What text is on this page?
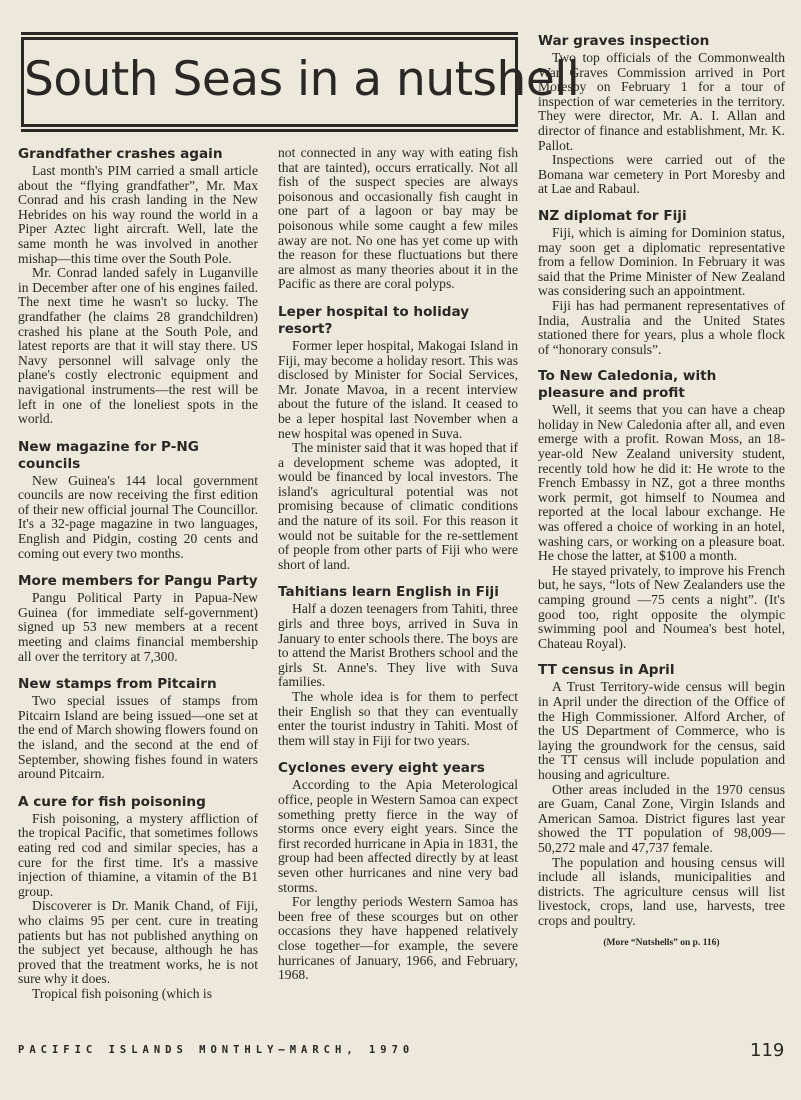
South Seas in a nutshell
Grandfather crashes again

Last month's PIM carried a small article about the “flying grandfather”, Mr. Max Conrad and his crash landing in the New Hebrides on his way round the world in a Piper Aztec light aircraft. Well, late the same month he was involved in another mishap—this time over the South Pole.

Mr. Conrad landed safely in Luganville in December after one of his engines failed. The next time he wasn't so lucky. The grandfather (he claims 28 grandchildren) crashed his plane at the South Pole, and latest reports are that it will stay there. US Navy personnel will salvage only the plane's costly electronic equipment and navigational instruments—the rest will be left in one of the loneliest spots in the world.

New magazine for P-NG councils

New Guinea's 144 local government councils are now receiving the first edition of their new official journal The Councillor. It's a 32-page magazine in two languages, English and Pidgin, costing 20 cents and coming out every two months.

More members for Pangu Party

Pangu Political Party in Papua-New Guinea (for immediate self-government) signed up 53 new members at a recent meeting and claims financial membership all over the territory at 7,300.

New stamps from Pitcairn

Two special issues of stamps from Pitcairn Island are being issued—one set at the end of March showing flowers found on the island, and the second at the end of September, showing fishes found in waters around Pitcairn.

A cure for fish poisoning

Fish poisoning, a mystery affliction of the tropical Pacific, that sometimes follows eating red cod and similar species, has a cure for the first time. It's a massive injection of thiamine, a vitamin of the B1 group.

Discoverer is Dr. Manik Chand, of Fiji, who claims 95 per cent. cure in treating patients but has not published anything on the subject yet because, although he has proved that the treatment works, he is not sure why it does.

Tropical fish poisoning (which is

not connected in any way with eating fish that are tainted), occurs erratically. Not all fish of the suspect species are always poisonous and occasionally fish caught in one part of a lagoon or bay may be poisonous while some caught a few miles away are not. No one has yet come up with the reason for these fluctuations but there are almost as many theories about it in the Pacific as there are coral polyps.

Leper hospital to holiday resort?

Former leper hospital, Makogai Island in Fiji, may become a holiday resort. This was disclosed by Minister for Social Services, Mr. Jonate Mavoa, in a recent interview about the future of the island. It ceased to be a leper hospital last November when a new hospital was opened in Suva.

The minister said that it was hoped that if a development scheme was adopted, it would be financed by local investors. The island's agricultural potential was not promising because of climatic conditions and the nature of its soil. For this reason it would not be suitable for the re-settlement of people from other parts of Fiji who were short of land.

Tahitians learn English in Fiji

Half a dozen teenagers from Tahiti, three girls and three boys, arrived in Suva in January to enter schools there. The boys are to attend the Marist Brothers school and the girls St. Anne's. They live with Suva families.

The whole idea is for them to perfect their English so that they can eventually enter the tourist industry in Tahiti. Most of them will stay in Fiji for two years.

Cyclones every eight years

According to the Apia Meterological office, people in Western Samoa can expect something pretty fierce in the way of storms once every eight years. Since the first recorded hurricane in Apia in 1831, the group had been affected directly by at least seven other hurricanes and nine very bad storms.

For lengthy periods Western Samoa has been free of these scourges but on other occasions they have happened relatively close together—for example, the severe hurricanes of January, 1966, and February, 1968.

War graves inspection

Two top officials of the Commonwealth War Graves Commission arrived in Port Moresby on February 1 for a tour of inspection of war cemeteries in the territory. They were director, Mr. A. I. Allan and director of finance and establishment, Mr. K. Pallot.

Inspections were carried out of the Bomana war cemetery in Port Moresby and at Lae and Rabaul.

NZ diplomat for Fiji

Fiji, which is aiming for Dominion status, may soon get a diplomatic representative from a fellow Dominion. In February it was said that the Prime Minister of New Zealand was considering such an appointment.

Fiji has had permanent representatives of India, Australia and the United States stationed there for years, plus a whole flock of “honorary consuls”.

To New Caledonia, with pleasure and profit

Well, it seems that you can have a cheap holiday in New Caledonia after all, and even emerge with a profit. Rowan Moss, an 18-year-old New Zealand university student, recently told how he did it: He wrote to the French Embassy in NZ, got a three months work permit, got himself to Noumea and reported at the local labour exchange. He was offered a choice of working in an hotel, washing cars, or working on a pleasure boat. He chose the latter, at $100 a month.

He stayed privately, to improve his French but, he says, “lots of New Zealanders use the camping ground —75 cents a night”. (It's good too, right opposite the olympic swimming pool and Noumea's best hotel, Chateau Royal).

TT census in April

A Trust Territory-wide census will begin in April under the direction of the Office of the High Commissioner. Alford Archer, of the US Department of Commerce, who is laying the groundwork for the census, said the TT census will include population and housing and agriculture.

Other areas included in the 1970 census are Guam, Canal Zone, Virgin Islands and American Samoa. District figures last year showed the TT population of 98,009—50,272 male and 47,737 female.

The population and housing census will include all islands, municipalities and districts. The agriculture census will list livestock, crops, land use, harvests, tree crops and poultry.

(More “Nutshells” on p. 116)
PACIFIC ISLANDS MONTHLY—MARCH, 1970	119
